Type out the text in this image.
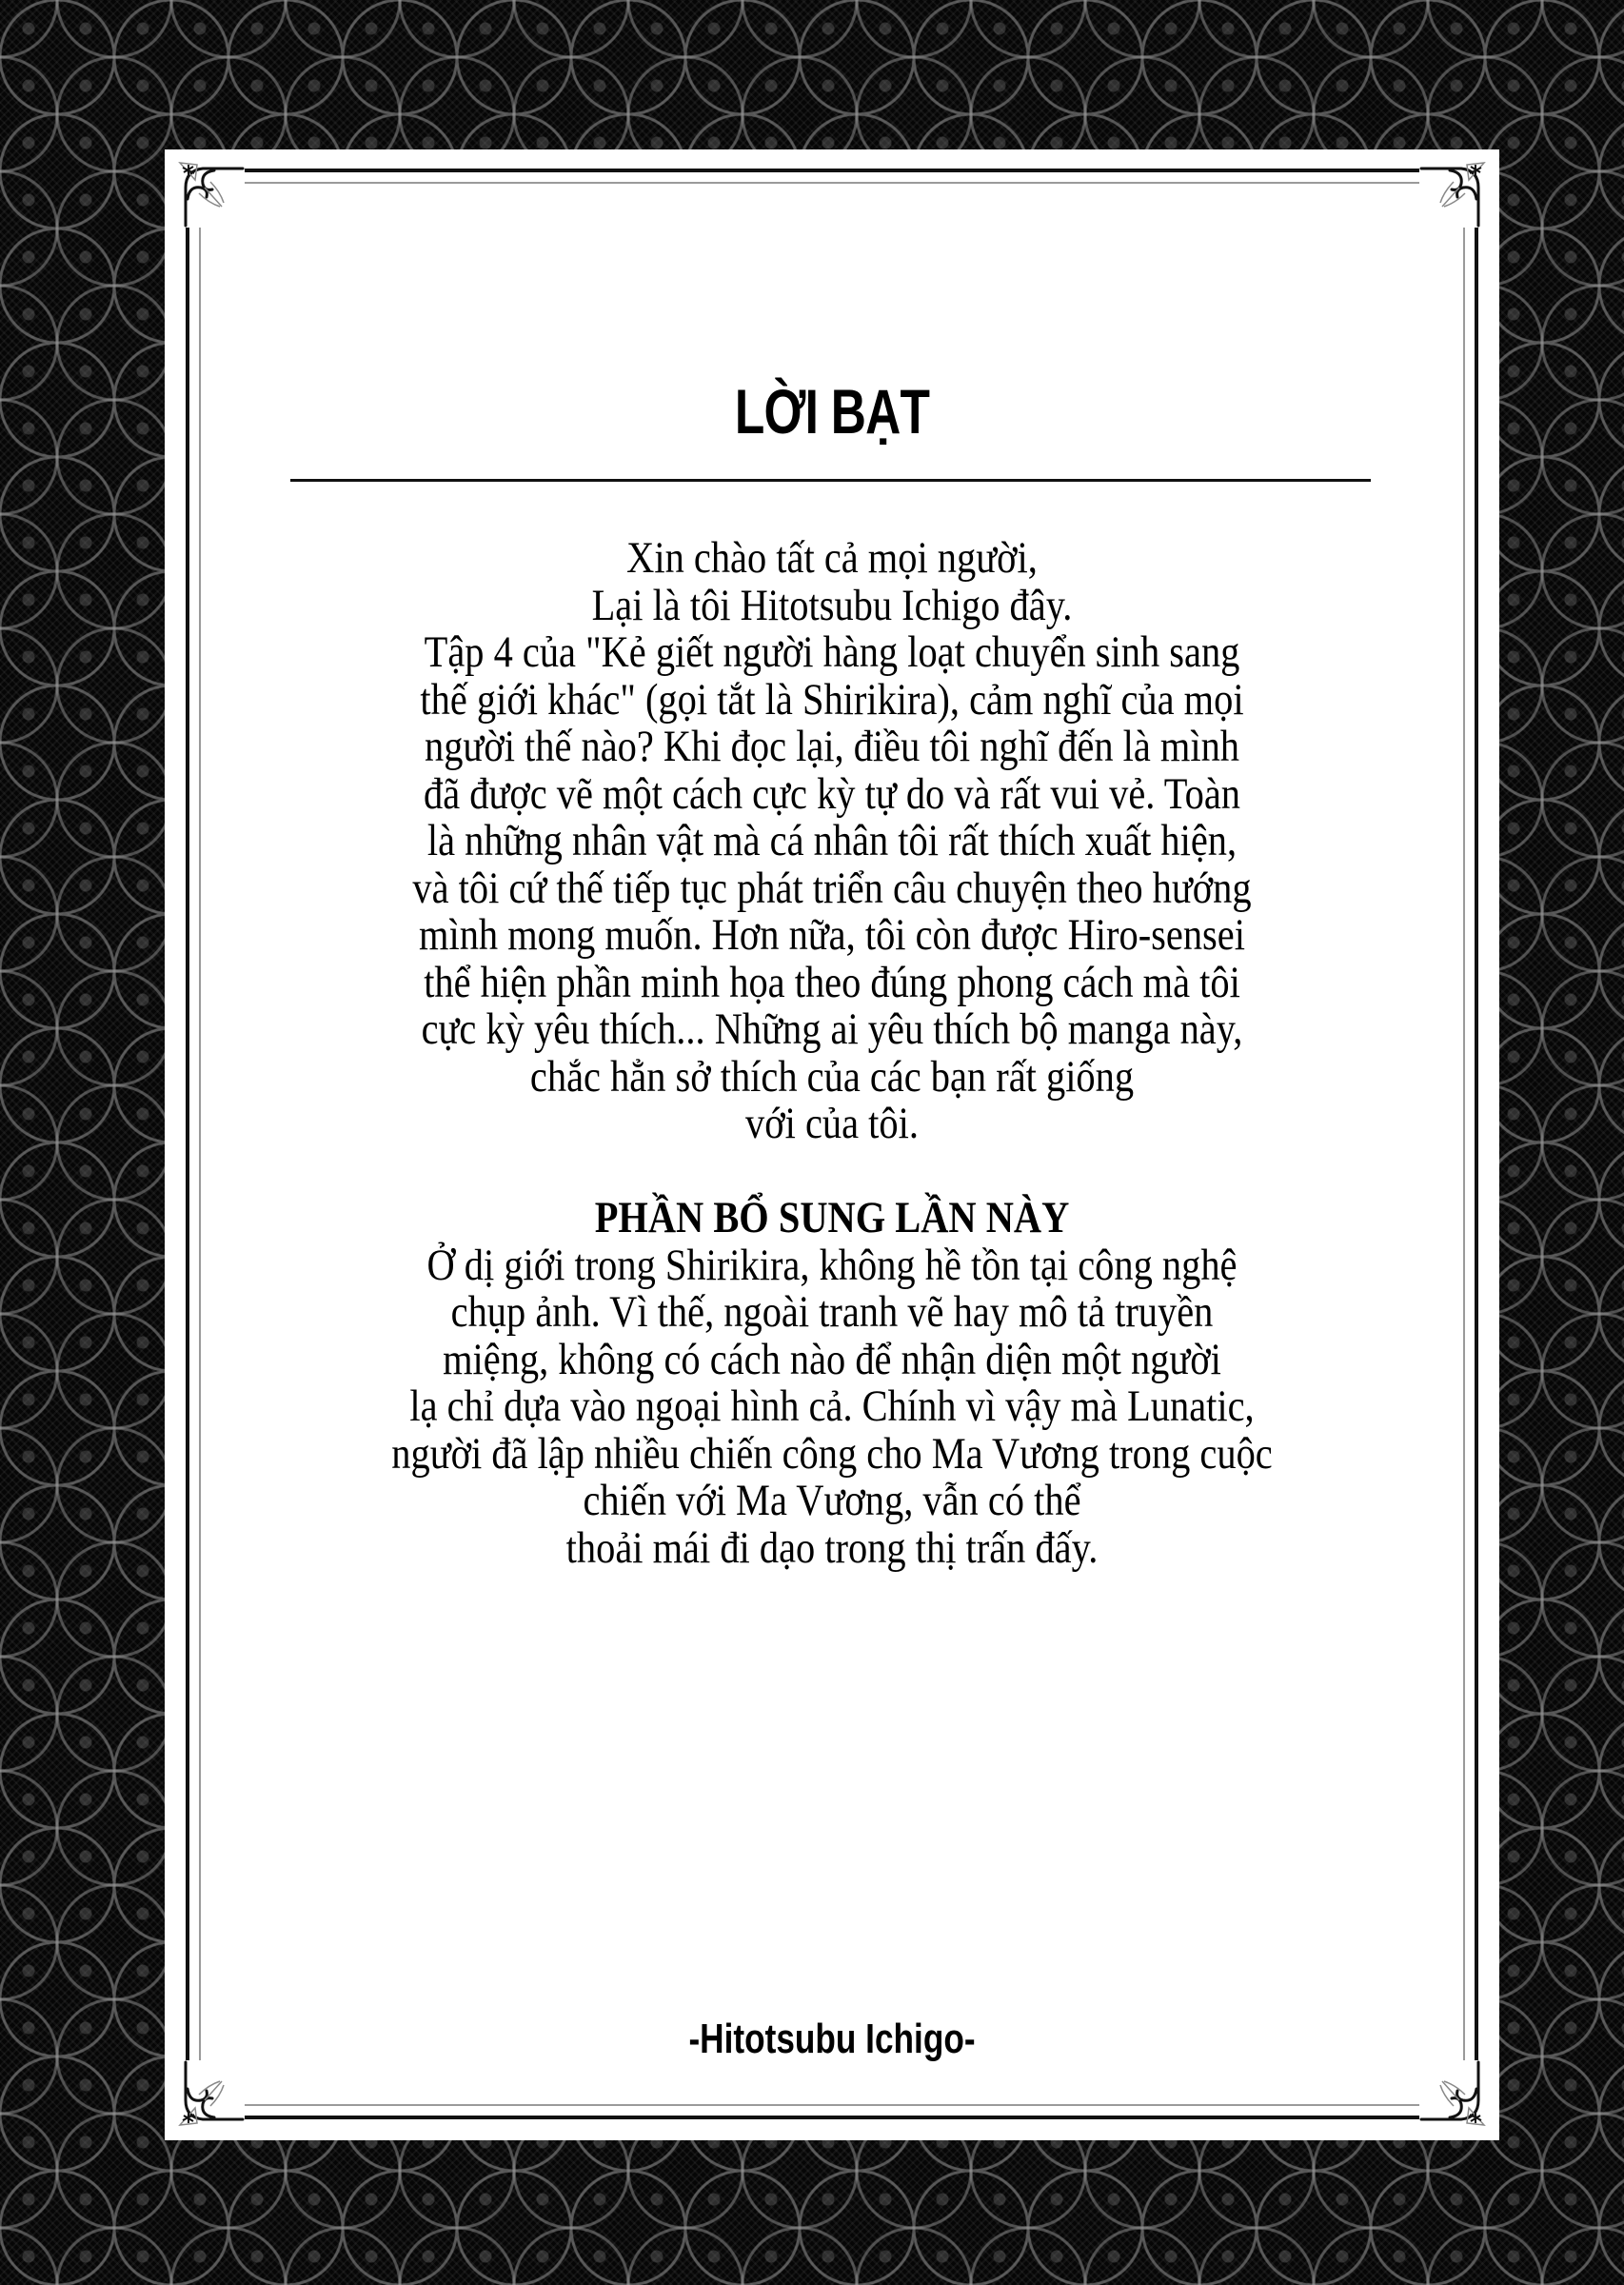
LỜI BẠT
Xin chào tất cả mọi người,
Lại là tôi Hitotsubu Ichigo đây.
Tập 4 của "Kẻ giết người hàng loạt chuyển sinh sang
thế giới khác" (gọi tắt là Shirikira), cảm nghĩ của mọi
người thế nào? Khi đọc lại, điều tôi nghĩ đến là mình
đã được vẽ một cách cực kỳ tự do và rất vui vẻ. Toàn
là những nhân vật mà cá nhân tôi rất thích xuất hiện,
và tôi cứ thế tiếp tục phát triển câu chuyện theo hướng
mình mong muốn. Hơn nữa, tôi còn được Hiro-sensei
thể hiện phần minh họa theo đúng phong cách mà tôi
cực kỳ yêu thích... Những ai yêu thích bộ manga này,
chắc hẳn sở thích của các bạn rất giống
với của tôi.
PHẦN BỔ SUNG LẦN NÀY
Ở dị giới trong Shirikira, không hề tồn tại công nghệ
chụp ảnh. Vì thế, ngoài tranh vẽ hay mô tả truyền
miệng, không có cách nào để nhận diện một người
lạ chỉ dựa vào ngoại hình cả. Chính vì vậy mà Lunatic,
người đã lập nhiều chiến công cho Ma Vương trong cuộc
chiến với Ma Vương, vẫn có thể
thoải mái đi dạo trong thị trấn đấy.
-Hitotsubu Ichigo-
